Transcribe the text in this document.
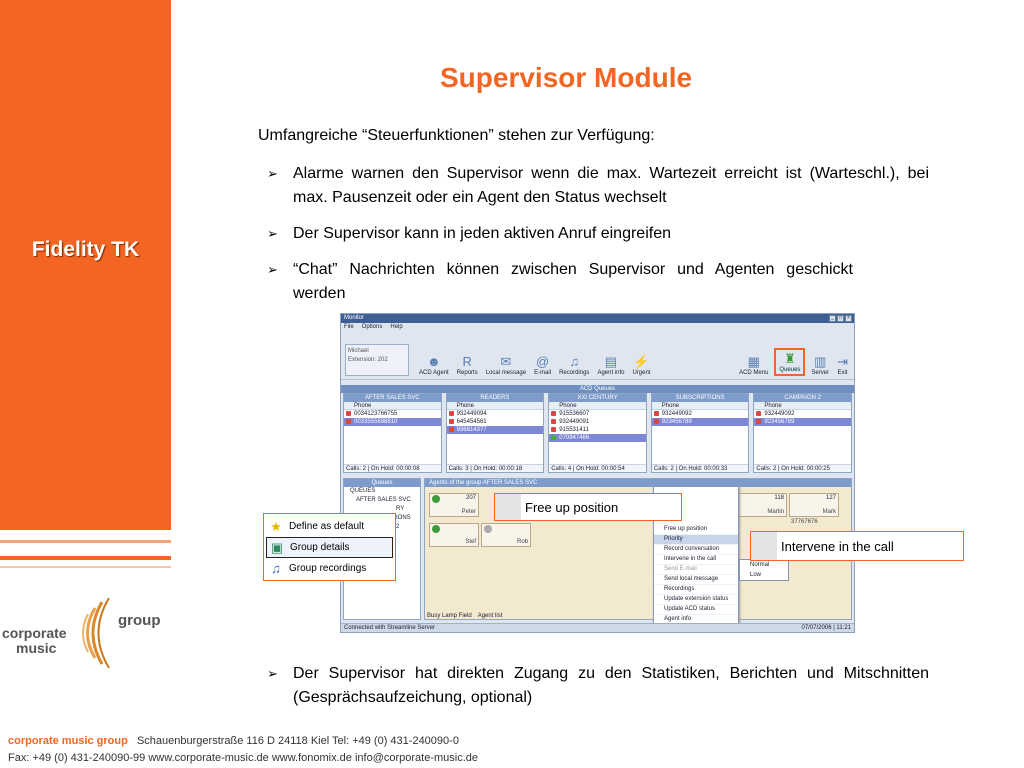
Fidelity TK
corporate
music
group
Supervisor Module
Umfangreiche “Steuerfunktionen” stehen zur Verfügung:
➢ Alarme warnen den Supervisor wenn die max. Wartezeit erreicht ist (Warteschl.), bei max. Pausenzeit oder ein Agent den Status wechselt
➢ Der Supervisor kann in jeden aktiven Anruf eingreifen
➢ “Chat” Nachrichten können zwischen Supervisor und Agenten geschickt werden
Monitor	_	□	×
File Options Help
Michael
Extension: 202	☻
ACD Agent
R
Reports
✉
Local message
@
E-mail
♫
Recordings
▤
Agent info
⚡
Urgent
▦
ACD Menu
♜
Queues
▥
Server
⇥
Exit
ACD Queues
AFTER SALES SVC
Phone
0034123766755
0033555698810
Calls: 2 | On Hold: 00:00:08
READERS
Phone
932449094
645454561
936814377
Calls: 3 | On Hold: 00:00:18
XXI CENTURY
Phone
915536607
932449091
915531411
070947466
Calls: 4 | On Hold: 00:00:54
SUBSCRIPTIONS
Phone
932449092
923456789
Calls: 2 | On Hold: 00:00:33
CAMPAIGN 2
Phone
932449092
923456789
Calls: 2 | On Hold: 00:00:25
Queues
QUEUES
AFTER SALES SVC
RY
IONS
2
Agents of the group AFTER SALES SVC
207
Peter
Stef	Rob
118
Martin
127
Mark
37767676
Free up position
Priority
Record conversation
Intervene in the call
Send E-mail
Send local message
Recordings
Update extension status
Update ACD status
Agent info
Normal
Low
Busy Lamp Field Agent list
Connected with Streamline Server	07/07/2006 | 11:21
Free up position
Intervene in the call
★ Define as default
▣ Group details
♫ Group recordings
➢ Der Supervisor hat direkten Zugang zu den Statistiken, Berichten und Mitschnitten (Gesprächsaufzeichung, optional)
corporate music group Schauenburgerstraße 116 D 24118 Kiel Tel: +49 (0) 431-240090-0
Fax: +49 (0) 431-240090-99 www.corporate-music.de www.fonomix.de info@corporate-music.de
